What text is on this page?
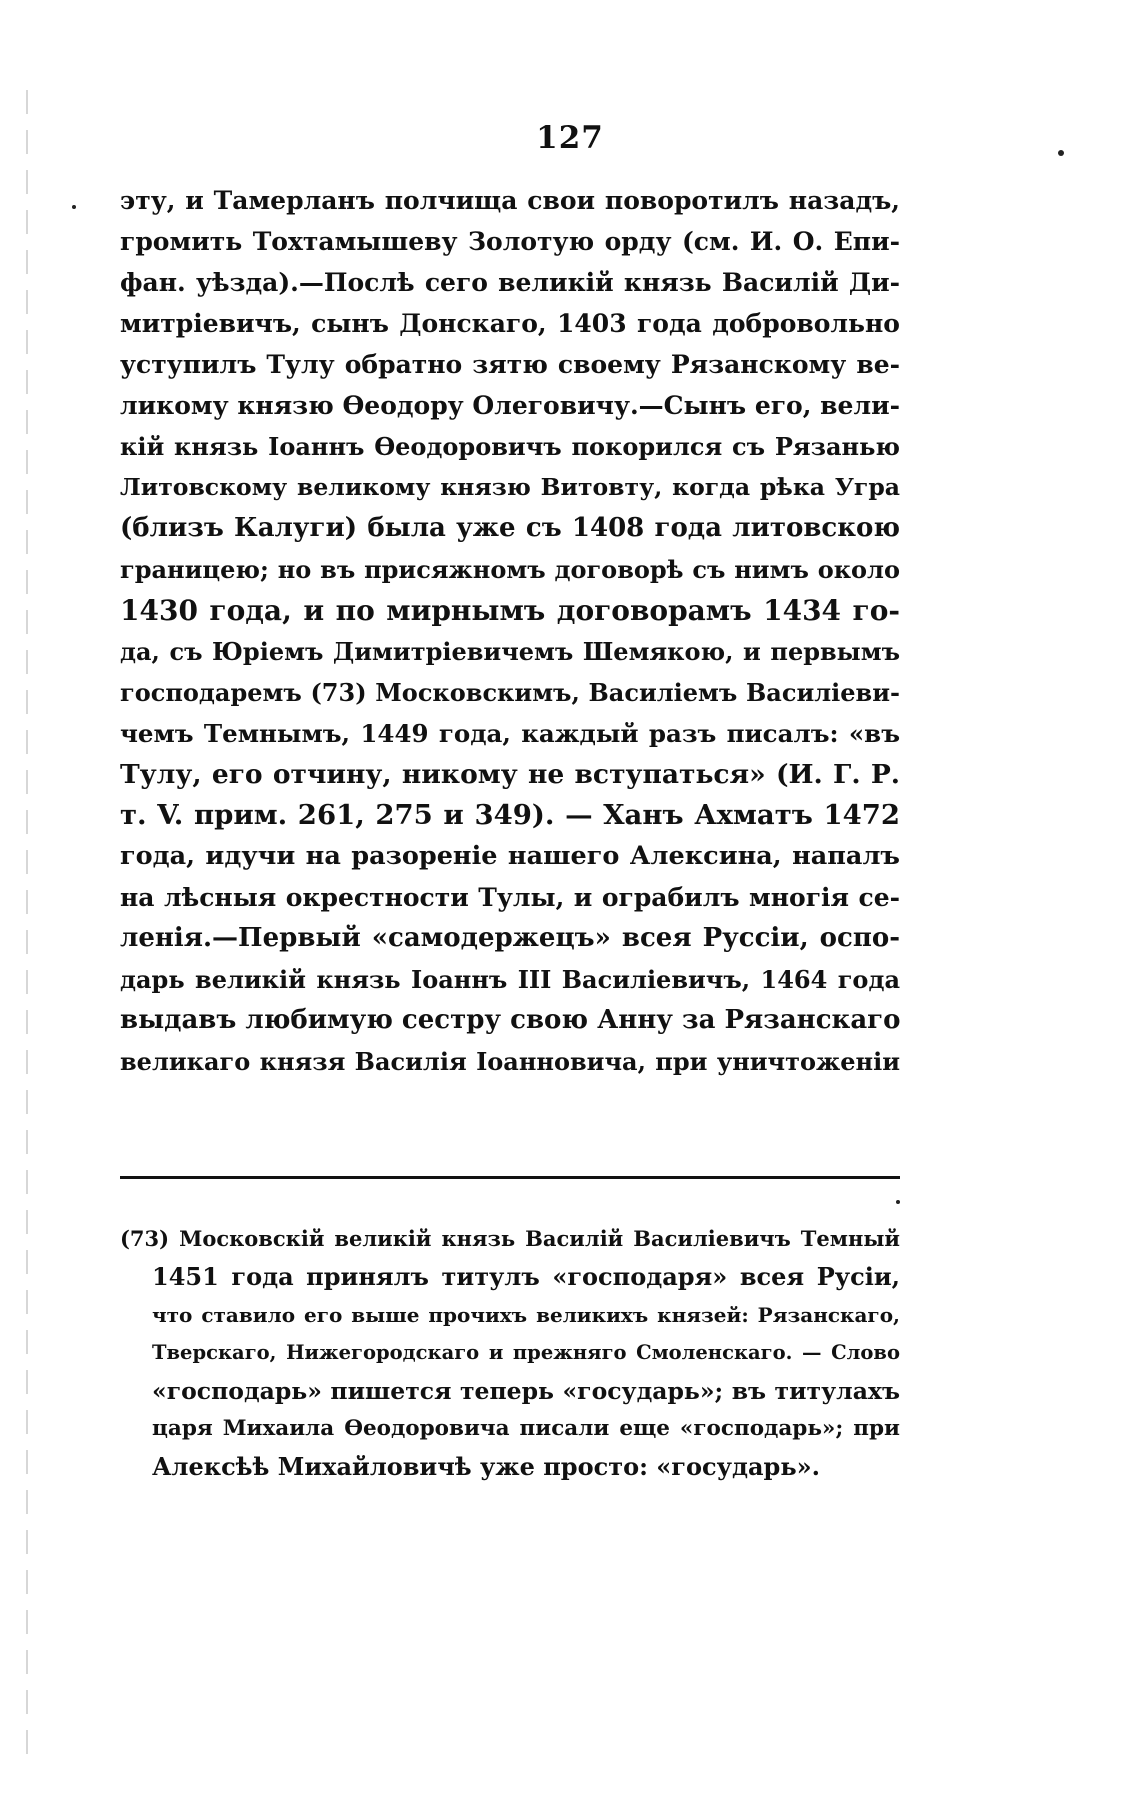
127
эту, и Тамерланъ полчища свои поворотилъ назадъ,
громить Тохтамышеву Золотую орду (см. И. О. Епи-
фан. уѣзда).—Послѣ сего великій князь Василій Ди-
митріевичъ, сынъ Донскаго, 1403 года добровольно
уступилъ Тулу обратно зятю своему Рязанскому ве-
ликому князю Ѳеодору Олеговичу.—Сынъ его, вели-
кій князь Іоаннъ Ѳеодоровичъ покорился съ Рязанью
Литовскому великому князю Витовту, когда рѣка Угра
(близъ Калуги) была уже съ 1408 года литовскою
границею; но въ присяжномъ договорѣ съ нимъ около
1430 года, и по мирнымъ договорамъ 1434 го-
да, съ Юріемъ Димитріевичемъ Шемякою, и первымъ
господаремъ (73) Московскимъ, Василіемъ Василіеви-
чемъ Темнымъ, 1449 года, каждый разъ писалъ: «въ
Тулу, его отчину, никому не вступаться» (И. Г. Р.
т. V. прим. 261, 275 и 349). — Ханъ Ахматъ 1472
года, идучи на разореніе нашего Алексина, напалъ
на лѣсныя окрестности Тулы, и ограбилъ многія се-
ленія.—Первый «самодержецъ» всея Руссіи, оспо-
дарь великій князь Іоаннъ III Василіевичъ, 1464 года
выдавъ любимую сестру свою Анну за Рязанскаго
великаго князя Василія Іоанновича, при уничтоженіи
(73) Московскій великій князь Василій Василіевичъ Темный
1451 года принялъ титулъ «господаря» всея Русіи,
что ставило его выше прочихъ великихъ князей: Рязанскаго,
Тверскаго, Нижегородскаго и прежняго Смоленскаго. — Слово
«господарь» пишется теперь «государь»; въ титулахъ
царя Михаила Ѳеодоровича писали еще «господарь»; при
Алексѣѣ Михайловичѣ уже просто: «государь».
